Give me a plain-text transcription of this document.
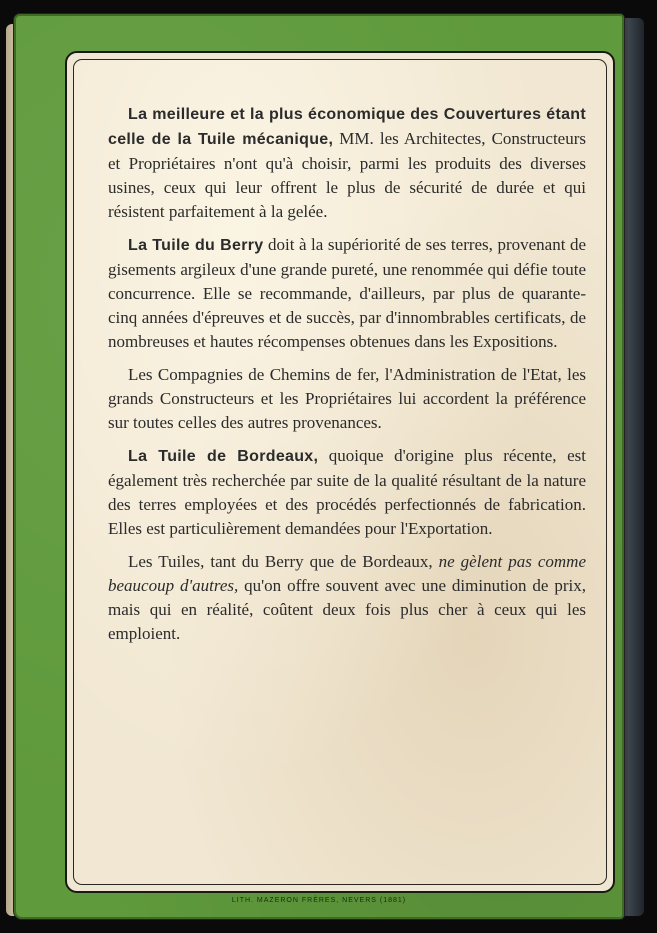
La meilleure et la plus économique des Couvertures étant celle de la Tuile mécanique, MM. les Architectes, Constructeurs et Propriétaires n'ont qu'à choisir, parmi les produits des diverses usines, ceux qui leur offrent le plus de sécurité de durée et qui résistent parfaitement à la gelée.

La Tuile du Berry doit à la supériorité de ses terres, provenant de gisements argileux d'une grande pureté, une renommée qui défie toute concurrence. Elle se recommande, d'ailleurs, par plus de quarante-cinq années d'épreuves et de succès, par d'innombrables certificats, de nombreuses et hautes récompenses obtenues dans les Expositions.

Les Compagnies de Chemins de fer, l'Administration de l'Etat, les grands Constructeurs et les Propriétaires lui accordent la préférence sur toutes celles des autres provenances.

La Tuile de Bordeaux, quoique d'origine plus récente, est également très recherchée par suite de la qualité résultant de la nature des terres employées et des procédés perfectionnés de fabrication. Elles est particulièrement demandées pour l'Exportation.

Les Tuiles, tant du Berry que de Bordeaux, ne gèlent pas comme beaucoup d'autres, qu'on offre souvent avec une diminution de prix, mais qui en réalité, coûtent deux fois plus cher à ceux qui les emploient.

LITH. MAZERON FRÈRES, NEVERS (1881)
